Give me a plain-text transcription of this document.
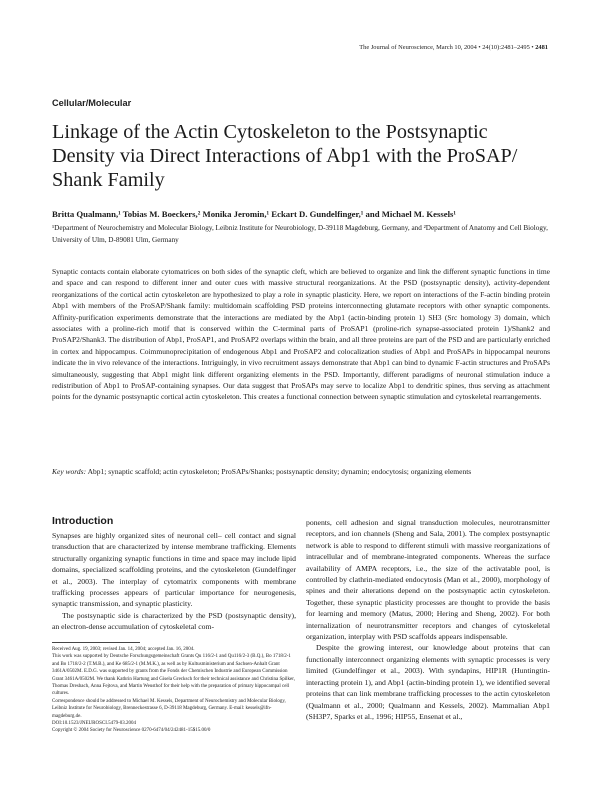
The Journal of Neuroscience, March 10, 2004 • 24(10):2481–2495 • 2481
Cellular/Molecular
Linkage of the Actin Cytoskeleton to the Postsynaptic Density via Direct Interactions of Abp1 with the ProSAP/ Shank Family
Britta Qualmann,¹ Tobias M. Boeckers,² Monika Jeromin,¹ Eckart D. Gundelfinger,¹ and Michael M. Kessels¹
¹Department of Neurochemistry and Molecular Biology, Leibniz Institute for Neurobiology, D-39118 Magdeburg, Germany, and ²Department of Anatomy and Cell Biology, University of Ulm, D-89081 Ulm, Germany
Synaptic contacts contain elaborate cytomatrices on both sides of the synaptic cleft, which are believed to organize and link the different synaptic functions in time and space and can respond to different inner and outer cues with massive structural reorganizations. At the PSD (postsynaptic density), activity-dependent reorganizations of the cortical actin cytoskeleton are hypothesized to play a role in synaptic plasticity. Here, we report on interactions of the F-actin binding protein Abp1 with members of the ProSAP/Shank family: multidomain scaffolding PSD proteins interconnecting glutamate receptors with other synaptic components. Affinity-purification experiments demonstrate that the interactions are mediated by the Abp1 (actin-binding protein 1) SH3 (Src homology 3) domain, which associates with a proline-rich motif that is conserved within the C-terminal parts of ProSAP1 (proline-rich synapse-associated protein 1)/Shank2 and ProSAP2/Shank3. The distribution of Abp1, ProSAP1, and ProSAP2 overlaps within the brain, and all three proteins are part of the PSD and are particularly enriched in cortex and hippocampus. Coimmunoprecipitation of endogenous Abp1 and ProSAP2 and colocalization studies of Abp1 and ProSAPs in hippocampal neurons indicate the in vivo relevance of the interactions. Intriguingly, in vivo recruitment assays demonstrate that Abp1 can bind to dynamic F-actin structures and ProSAPs simultaneously, suggesting that Abp1 might link different organizing elements in the PSD. Importantly, different paradigms of neuronal stimulation induce a redistribution of Abp1 to ProSAP-containing synapses. Our data suggest that ProSAPs may serve to localize Abp1 to dendritic spines, thus serving as attachment points for the dynamic postsynaptic cortical actin cytoskeleton. This creates a functional connection between synaptic stimulation and cytoskeletal rearrangements.
Key words: Abp1; synaptic scaffold; actin cytoskeleton; ProSAPs/Shanks; postsynaptic density; dynamin; endocytosis; organizing elements
Introduction

Synapses are highly organized sites of neuronal cell– cell contact and signal transduction that are characterized by intense membrane trafficking. Elements structurally organizing synaptic functions in time and space may include lipid domains, specialized scaffolding proteins, and the cytoskeleton (Gundelfinger et al., 2003). The interplay of cytomatrix components with membrane trafficking processes appears of particular importance for neurogenesis, synaptic transmission, and synaptic plasticity.

The postsynaptic side is characterized by the PSD (postsynaptic density), an electron-dense accumulation of cytoskeletal com-

Received Aug. 19, 2003; revised Jan. 14, 2004; accepted Jan. 16, 2004.

This work was supported by Deutsche Forschungsgemeinschaft Grants Qu 116/2-1 and Qu116/2-3 (B.Q.), Bo 1718/2-1 and Bo 1718/2-2 (T.M.B.), and Ke 685/2-1 (M.M.K.), as well as by Kultusministerium and Sachsen-Anhalt Grant 3461A/0502M. E.D.G. was supported by grants from the Fonds der Chemischen Industrie and European Commission Grant 3461A/0502M. We thank Kathrin Hartung and Gisela Grecksch for their technical assistance and Christina Spilker, Thomas Dresbach, Anna Fejtova, and Martin Weusthof for their help with the preparation of primary hippocampal cell cultures.

Correspondence should be addressed to Michael M. Kessels, Department of Neurochemistry and Molecular Biology, Leibniz Institute for Neurobiology, Brenneckestrasse 6, D-39118 Magdeburg, Germany. E-mail: kessels@ifn-magdeburg.de.

DOI:10.1523/JNEUROSCI.5479-03.2004

Copyright © 2004 Society for Neuroscience 0270-6474/04/242481-15$15.00/0

ponents, cell adhesion and signal transduction molecules, neurotransmitter receptors, and ion channels (Sheng and Sala, 2001). The complex postsynaptic network is able to respond to different stimuli with massive reorganizations of intracellular and of membrane-integrated components. Whereas the surface availability of AMPA receptors, i.e., the size of the activatable pool, is controlled by clathrin-mediated endocytosis (Man et al., 2000), morphology of spines and their alterations depend on the postsynaptic actin cytoskeleton. Together, these synaptic plasticity processes are thought to provide the basis for learning and memory (Matus, 2000; Hering and Sheng, 2002). For both internalization of neurotransmitter receptors and changes of cytoskeletal organization, interplay with PSD scaffolds appears indispensable.

Despite the growing interest, our knowledge about proteins that can functionally interconnect organizing elements with synaptic processes is very limited (Gundelfinger et al., 2003). With syndapins, HIP1R (Huntingtin-interacting protein 1), and Abp1 (actin-binding protein 1), we identified several proteins that can link membrane trafficking processes to the actin cytoskeleton (Qualmann et al., 2000; Qualmann and Kessels, 2002). Mammalian Abp1 (SH3P7, Sparks et al., 1996; HIP55, Ensenat et al.,
